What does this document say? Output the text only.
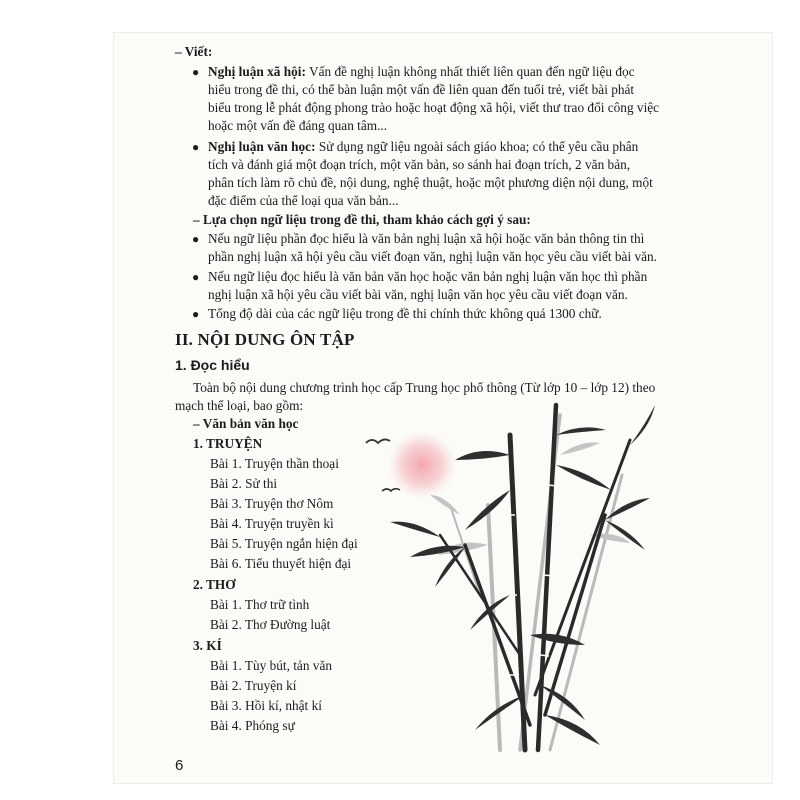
– Viết:
● Nghị luận xã hội: Vấn đề nghị luận không nhất thiết liên quan đến ngữ liệu đọc
hiểu trong đề thi, có thể bàn luận một vấn đề liên quan đến tuổi trẻ, viết bài phát
biểu trong lễ phát động phong trào hoặc hoạt động xã hội, viết thư trao đổi công việc
hoặc một vấn đề đáng quan tâm...
● Nghị luận văn học: Sử dụng ngữ liệu ngoài sách giáo khoa; có thể yêu cầu phân
tích và đánh giá một đoạn trích, một văn bản, so sánh hai đoạn trích, 2 văn bản,
phân tích làm rõ chủ đề, nội dung, nghệ thuật, hoặc một phương diện nội dung, một
đặc điểm của thể loại qua văn bản...
– Lựa chọn ngữ liệu trong đề thi, tham khảo cách gợi ý sau:
● Nếu ngữ liệu phần đọc hiểu là văn bản nghị luận xã hội hoặc văn bản thông tin thì
phần nghị luận xã hội yêu cầu viết đoạn văn, nghị luận văn học yêu cầu viết bài văn.
● Nếu ngữ liệu đọc hiểu là văn bản văn học hoặc văn bản nghị luận văn học thì phần
nghị luận xã hội yêu cầu viết bài văn, nghị luận văn học yêu cầu viết đoạn văn.
● Tổng độ dài của các ngữ liệu trong đề thi chính thức không quá 1300 chữ.
II. NỘI DUNG ÔN TẬP
1. Đọc hiểu
Toàn bộ nội dung chương trình học cấp Trung học phổ thông (Từ lớp 10 – lớp 12) theo
mạch thể loại, bao gồm:
– Văn bản văn học
1. TRUYỆN
Bài 1. Truyện thần thoại
Bài 2. Sử thi
Bài 3. Truyện thơ Nôm
Bài 4. Truyện truyền kì
Bài 5. Truyện ngắn hiện đại
Bài 6. Tiểu thuyết hiện đại
2. THƠ
Bài 1. Thơ trữ tình
Bài 2. Thơ Đường luật
3. KÍ
Bài 1. Tùy bút, tản văn
Bài 2. Truyện kí
Bài 3. Hồi kí, nhật kí
Bài 4. Phóng sự
6
